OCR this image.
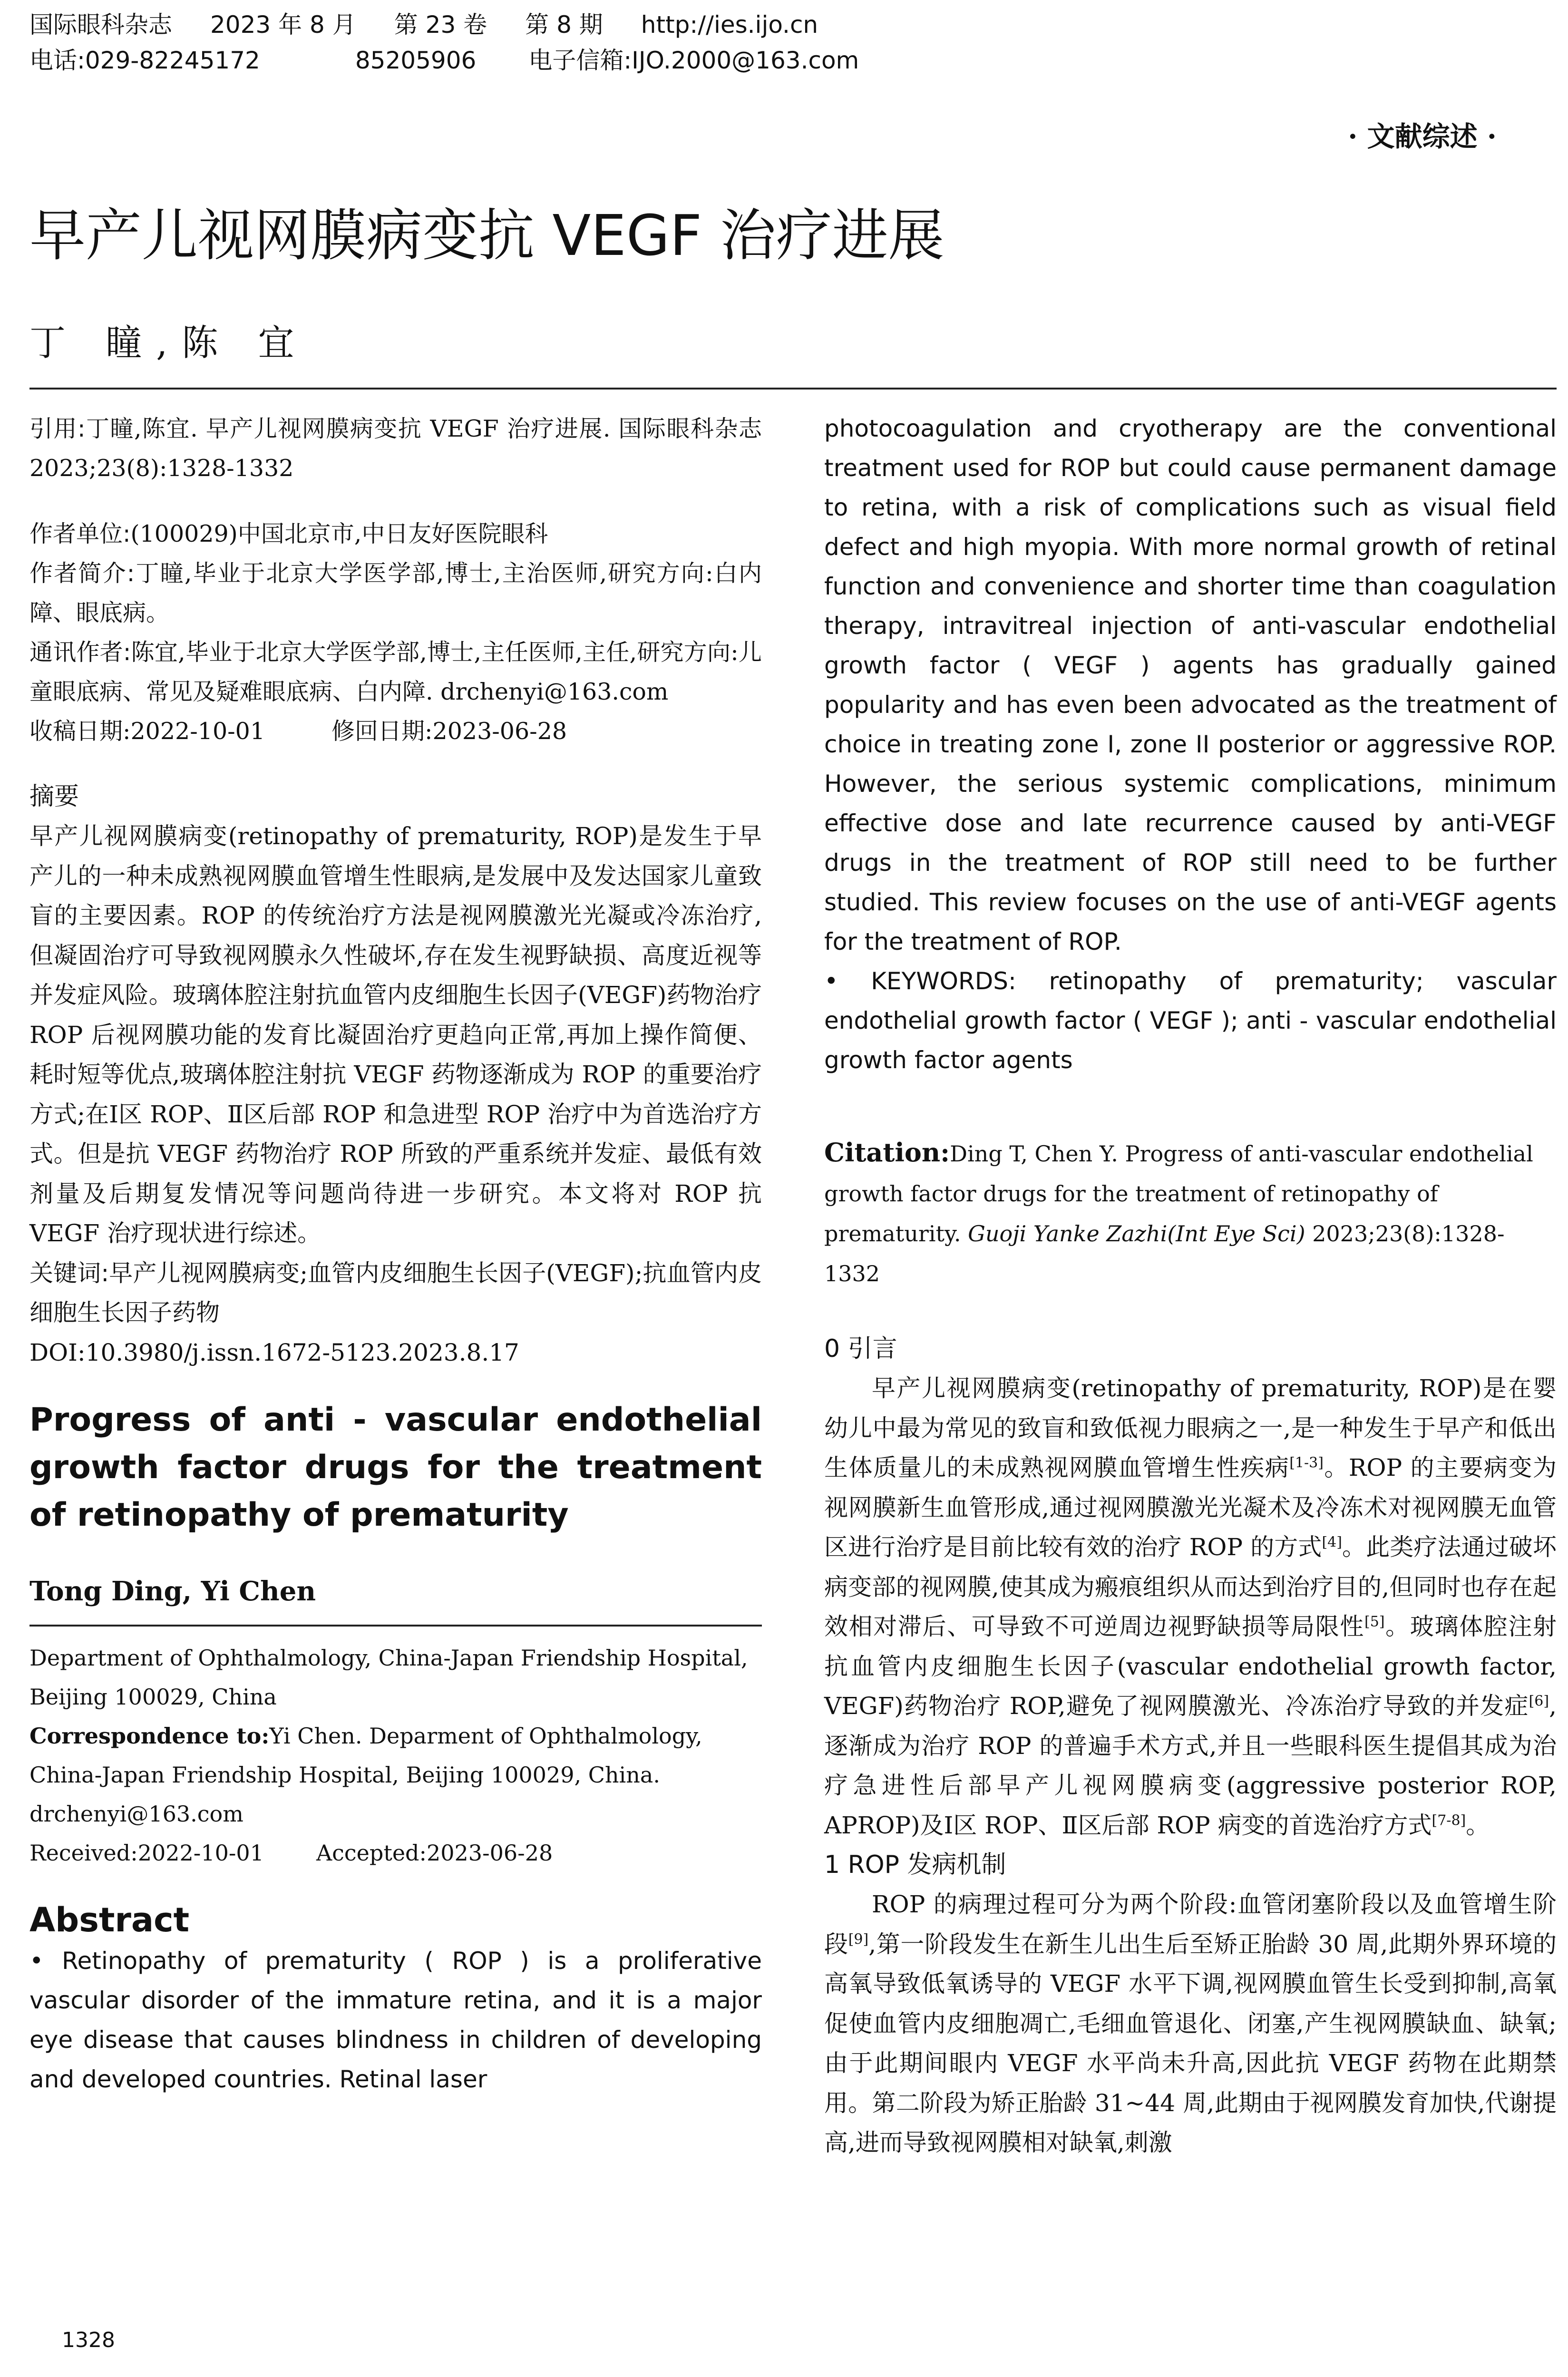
国际眼科杂志 2023 年 8 月 第 23 卷 第 8 期 http://ies.ijo.cn
电话:029-82245172	85205906 电子信箱:IJO.2000@163.com
· 文献综述 ·
早产儿视网膜病变抗 VEGF 治疗进展
丁 瞳,陈 宜
引用:丁瞳,陈宜. 早产儿视网膜病变抗 VEGF 治疗进展. 国际眼科杂志 2023;23(8):1328-1332
作者单位:(100029)中国北京市,中日友好医院眼科
作者简介:丁瞳,毕业于北京大学医学部,博士,主治医师,研究方向:白内障、眼底病。
通讯作者:陈宜,毕业于北京大学医学部,博士,主任医师,主任,研究方向:儿童眼底病、常见及疑难眼底病、白内障. drchenyi@163.com
收稿日期:2022-10-01	修回日期:2023-06-28
摘要
早产儿视网膜病变(retinopathy of prematurity, ROP)是发生于早产儿的一种未成熟视网膜血管增生性眼病,是发展中及发达国家儿童致盲的主要因素。ROP 的传统治疗方法是视网膜激光光凝或冷冻治疗,但凝固治疗可导致视网膜永久性破坏,存在发生视野缺损、高度近视等并发症风险。玻璃体腔注射抗血管内皮细胞生长因子(VEGF)药物治疗 ROP 后视网膜功能的发育比凝固治疗更趋向正常,再加上操作简便、耗时短等优点,玻璃体腔注射抗 VEGF 药物逐渐成为 ROP 的重要治疗方式;在Ⅰ区 ROP、Ⅱ区后部 ROP 和急进型 ROP 治疗中为首选治疗方式。但是抗 VEGF 药物治疗 ROP 所致的严重系统并发症、最低有效剂量及后期复发情况等问题尚待进一步研究。本文将对 ROP 抗 VEGF 治疗现状进行综述。
关键词:早产儿视网膜病变;血管内皮细胞生长因子(VEGF);抗血管内皮细胞生长因子药物
DOI:10.3980/j.issn.1672-5123.2023.8.17
Progress of anti - vascular endothelial growth factor drugs for the treatment of retinopathy of prematurity
Tong Ding, Yi Chen
Department of Ophthalmology, China-Japan Friendship Hospital, Beijing 100029, China
Correspondence to:Yi Chen. Deparment of Ophthalmology, China-Japan Friendship Hospital, Beijing 100029, China. drchenyi@163.com
Received:2022-10-01 Accepted:2023-06-28
Abstract
• Retinopathy of prematurity ( ROP ) is a proliferative vascular disorder of the immature retina, and it is a major eye disease that causes blindness in children of developing and developed countries. Retinal laser
photocoagulation and cryotherapy are the conventional treatment used for ROP but could cause permanent damage to retina, with a risk of complications such as visual field defect and high myopia. With more normal growth of retinal function and convenience and shorter time than coagulation therapy, intravitreal injection of anti-vascular endothelial growth factor ( VEGF ) agents has gradually gained popularity and has even been advocated as the treatment of choice in treating zone I, zone II posterior or aggressive ROP. However, the serious systemic complications, minimum effective dose and late recurrence caused by anti-VEGF drugs in the treatment of ROP still need to be further studied. This review focuses on the use of anti-VEGF agents for the treatment of ROP.
• KEYWORDS: retinopathy of prematurity; vascular endothelial growth factor ( VEGF ); anti - vascular endothelial growth factor agents
Citation:Ding T, Chen Y. Progress of anti-vascular endothelial growth factor drugs for the treatment of retinopathy of prematurity. Guoji Yanke Zazhi(Int Eye Sci) 2023;23(8):1328-1332
0 引言
早产儿视网膜病变(retinopathy of prematurity, ROP)是在婴幼儿中最为常见的致盲和致低视力眼病之一,是一种发生于早产和低出生体质量儿的未成熟视网膜血管增生性疾病[1-3]。ROP 的主要病变为视网膜新生血管形成,通过视网膜激光光凝术及冷冻术对视网膜无血管区进行治疗是目前比较有效的治疗 ROP 的方式[4]。此类疗法通过破坏病变部的视网膜,使其成为瘢痕组织从而达到治疗目的,但同时也存在起效相对滞后、可导致不可逆周边视野缺损等局限性[5]。玻璃体腔注射抗血管内皮细胞生长因子(vascular endothelial growth factor, VEGF)药物治疗 ROP,避免了视网膜激光、冷冻治疗导致的并发症[6],逐渐成为治疗 ROP 的普遍手术方式,并且一些眼科医生提倡其成为治疗急进性后部早产儿视网膜病变(aggressive posterior ROP, APROP)及Ⅰ区 ROP、Ⅱ区后部 ROP 病变的首选治疗方式[7-8]。
1 ROP 发病机制
ROP 的病理过程可分为两个阶段:血管闭塞阶段以及血管增生阶段[9],第一阶段发生在新生儿出生后至矫正胎龄 30 周,此期外界环境的高氧导致低氧诱导的 VEGF 水平下调,视网膜血管生长受到抑制,高氧促使血管内皮细胞凋亡,毛细血管退化、闭塞,产生视网膜缺血、缺氧;由于此期间眼内 VEGF 水平尚未升高,因此抗 VEGF 药物在此期禁用。第二阶段为矫正胎龄 31~44 周,此期由于视网膜发育加快,代谢提高,进而导致视网膜相对缺氧,刺激
1328
